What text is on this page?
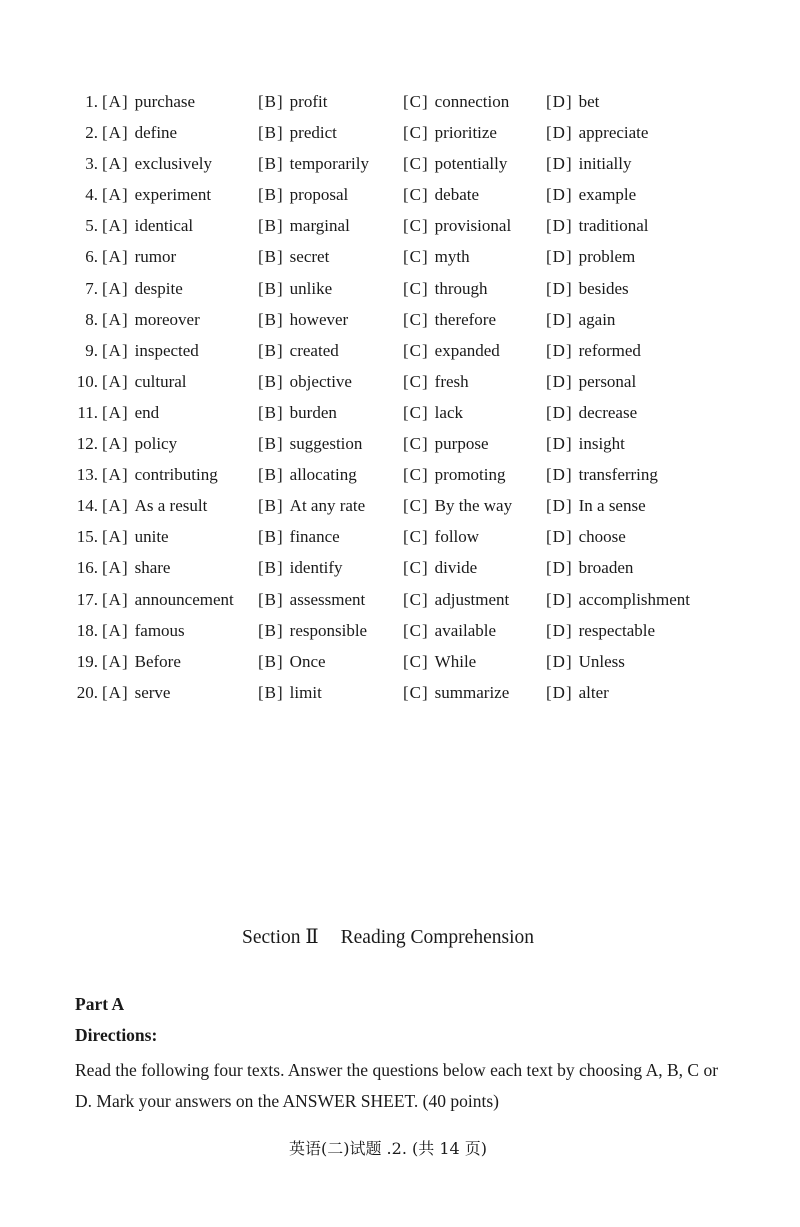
1. [A] purchase	[B] profit	[C] connection [D] bet
2. [A] define	[B] predict	[C] prioritize	[D] appreciate
3. [A] exclusively	[B] temporarily [C] potentially [D] initially
4. [A] experiment	[B] proposal	[C] debate	[D] example
5. [A] identical	[B] marginal	[C] provisional [D] traditional
6. [A] rumor	[B] secret	[C] myth	[D] problem
7. [A] despite	[B] unlike	[C] through	[D] besides
8. [A] moreover	[B] however	[C] therefore	[D] again
9. [A] inspected	[B] created	[C] expanded	[D] reformed
10. [A] cultural	[B] objective	[C] fresh	[D] personal
11. [A] end	[B] burden	[C] lack	[D] decrease
12. [A] policy	[B] suggestion [C] purpose	[D] insight
13. [A] contributing [B] allocating	[C] promoting [D] transferring
14. [A] As a result	[B] At any rate [C] By the way [D] In a sense
15. [A] unite	[B] finance	[C] follow	[D] choose
16. [A] share	[B] identify	[C] divide	[D] broaden
17. [A] announcement [B] assessment [C] adjustment [D] accomplishment
18. [A] famous	[B] responsible [C] available	[D] respectable
19. [A] Before	[B] Once	[C] While	[D] Unless
20. [A] serve	[B] limit	[C] summarize [D] alter
Section Ⅱ Reading Comprehension
Part A
Directions:
Read the following four texts. Answer the questions below each text by choosing A, B, C or D. Mark your answers on the ANSWER SHEET. (40 points)
英语(二)试题 .2. (共 14 页)
